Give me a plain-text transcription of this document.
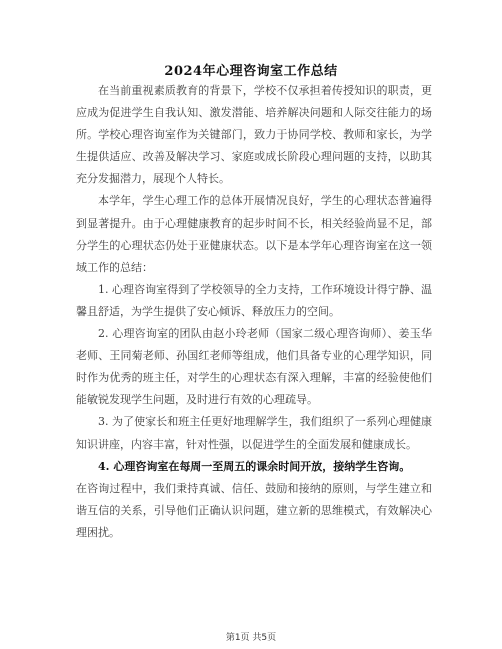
2024年心理咨询室工作总结

在当前重视素质教育的背景下，学校不仅承担着传授知识的职责，更应成为促进学生自我认知、激发潜能、培养解决问题和人际交往能力的场所。学校心理咨询室作为关键部门，致力于协同学校、教师和家长，为学生提供适应、改善及解决学习、家庭或成长阶段心理问题的支持，以助其充分发掘潜力，展现个人特长。

本学年，学生心理工作的总体开展情况良好，学生的心理状态普遍得到显著提升。由于心理健康教育的起步时间不长，相关经验尚显不足，部分学生的心理状态仍处于亚健康状态。以下是本学年心理咨询室在这一领域工作的总结：

1. 心理咨询室得到了学校领导的全力支持，工作环境设计得宁静、温馨且舒适，为学生提供了安心倾诉、释放压力的空间。

2. 心理咨询室的团队由赵小玲老师（国家二级心理咨询师）、姜玉华老师、王同菊老师、孙国红老师等组成，他们具备专业的心理学知识，同时作为优秀的班主任，对学生的心理状态有深入理解，丰富的经验使他们能敏锐发现学生问题，及时进行有效的心理疏导。

3. 为了使家长和班主任更好地理解学生，我们组织了一系列心理健康知识讲座，内容丰富，针对性强，以促进学生的全面发展和健康成长。

4. 心理咨询室在每周一至周五的课余时间开放，接纳学生咨询。

在咨询过程中，我们秉持真诚、信任、鼓励和接纳的原则，与学生建立和谐互信的关系，引导他们正确认识问题，建立新的思维模式，有效解决心理困扰。

第1页 共5页
